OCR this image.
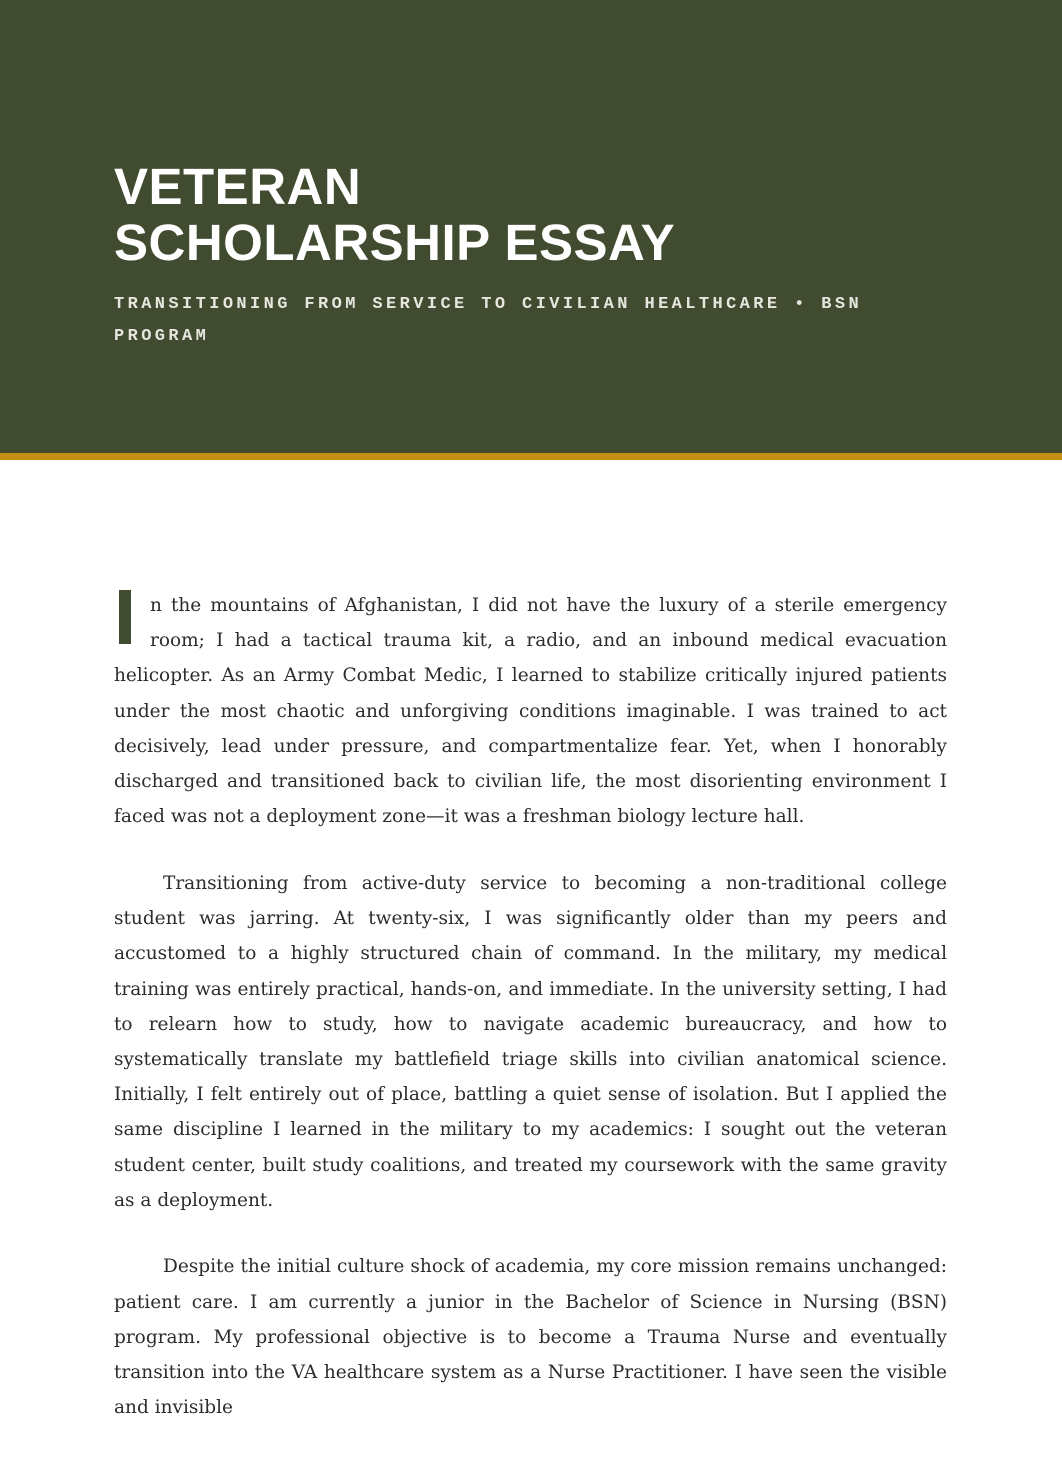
VETERAN
SCHOLARSHIP ESSAY

TRANSITIONING FROM SERVICE TO CIVILIAN HEALTHCARE • BSN PROGRAM

n the mountains of Afghanistan, I did not have the luxury of a sterile emergency room; I had a tactical trauma kit, a radio, and an inbound medical evacuation helicopter. As an Army Combat Medic, I learned to stabilize critically injured patients under the most chaotic and unforgiving conditions imaginable. I was trained to act decisively, lead under pressure, and compartmentalize fear. Yet, when I honorably discharged and transitioned back to civilian life, the most disorienting environment I faced was not a deployment zone—it was a freshman biology lecture hall.

Transitioning from active-duty service to becoming a non-traditional college student was jarring. At twenty-six, I was significantly older than my peers and accustomed to a highly structured chain of command. In the military, my medical training was entirely practical, hands-on, and immediate. In the university setting, I had to relearn how to study, how to navigate academic bureaucracy, and how to systematically translate my battlefield triage skills into civilian anatomical science. Initially, I felt entirely out of place, battling a quiet sense of isolation. But I applied the same discipline I learned in the military to my academics: I sought out the veteran student center, built study coalitions, and treated my coursework with the same gravity as a deployment.

Despite the initial culture shock of academia, my core mission remains unchanged: patient care. I am currently a junior in the Bachelor of Science in Nursing (BSN) program. My professional objective is to become a Trauma Nurse and eventually transition into the VA healthcare system as a Nurse Practitioner. I have seen the visible and invisible
